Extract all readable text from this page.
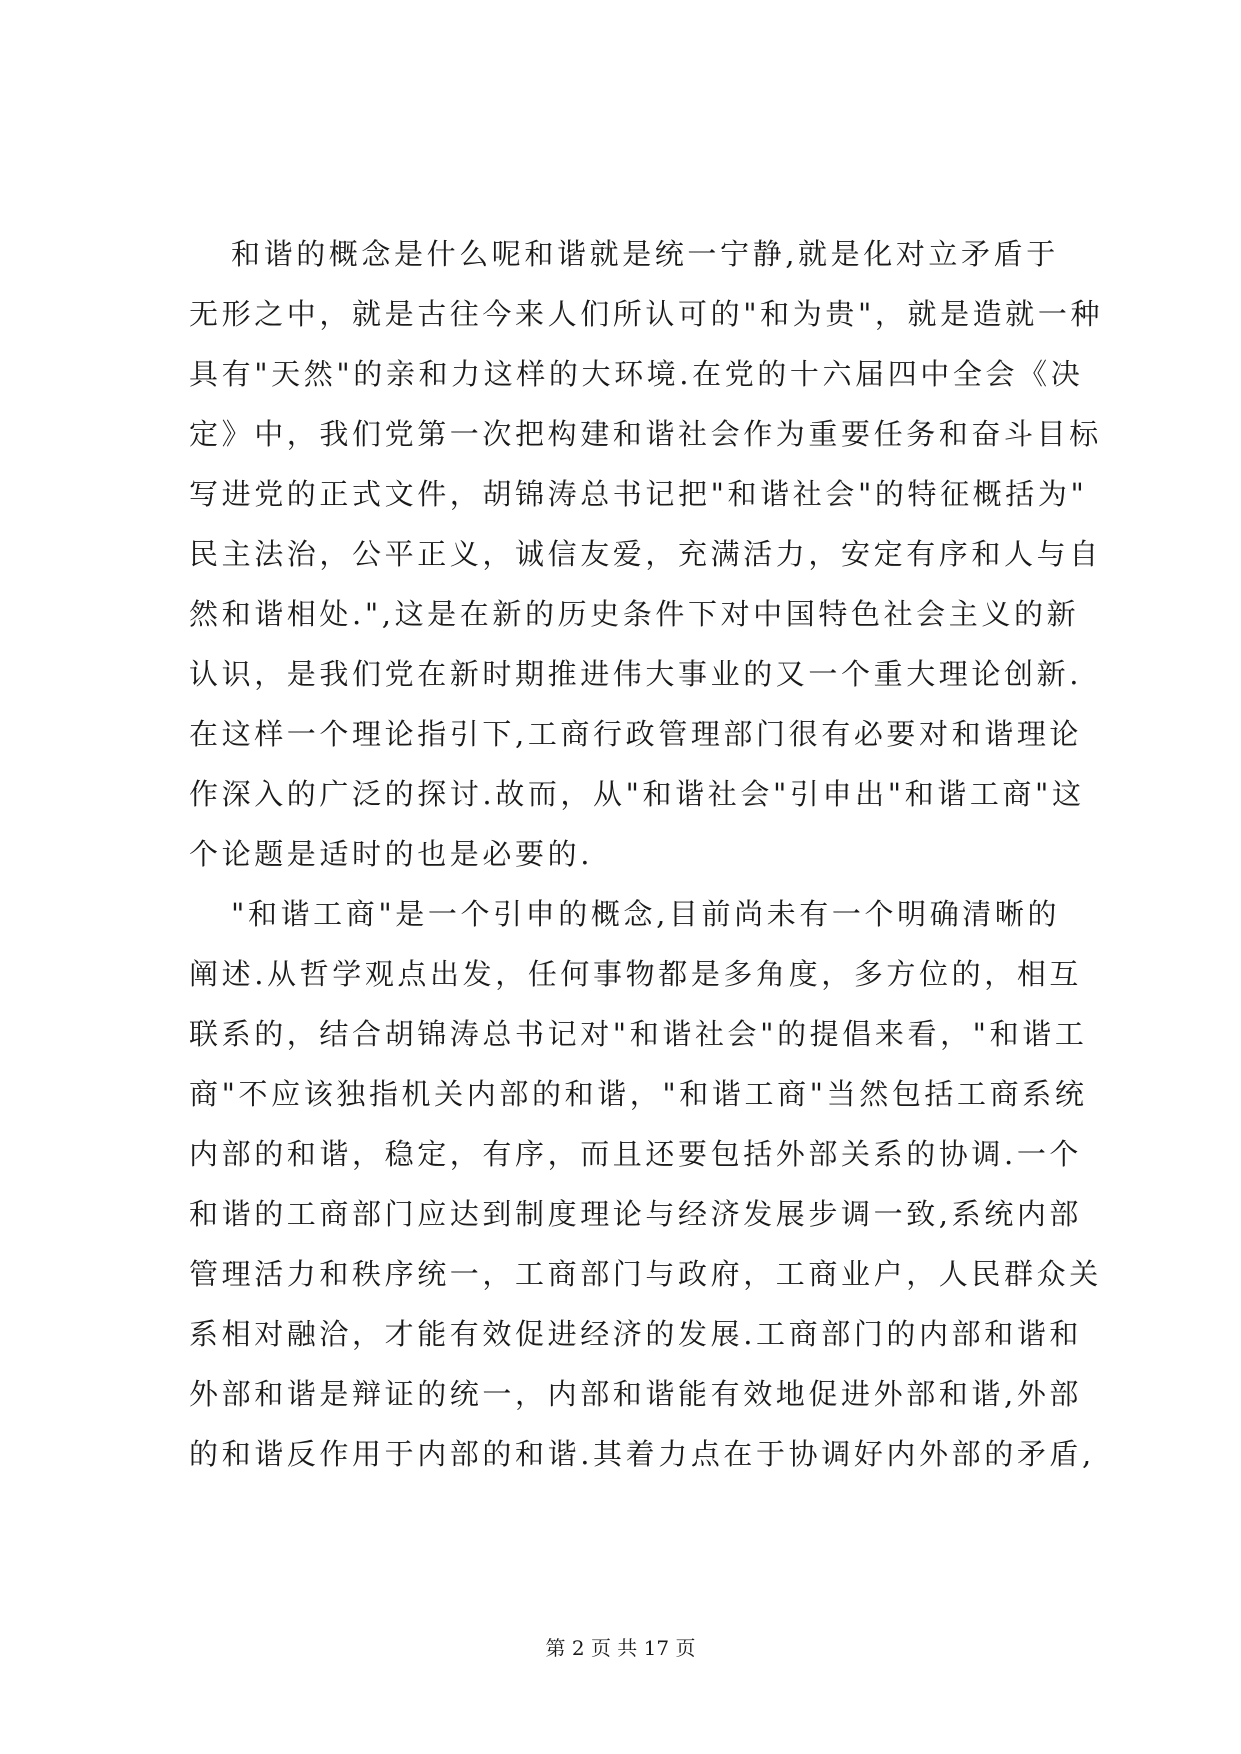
和谐的概念是什么呢和谐就是统一宁静,就是化对立矛盾于
无形之中，就是古往今来人们所认可的"和为贵"，就是造就一种
具有"天然"的亲和力这样的大环境.在党的十六届四中全会《决
定》中，我们党第一次把构建和谐社会作为重要任务和奋斗目标
写进党的正式文件，胡锦涛总书记把"和谐社会"的特征概括为"
民主法治，公平正义，诚信友爱，充满活力，安定有序和人与自
然和谐相处.",这是在新的历史条件下对中国特色社会主义的新
认识，是我们党在新时期推进伟大事业的又一个重大理论创新.
在这样一个理论指引下,工商行政管理部门很有必要对和谐理论
作深入的广泛的探讨.故而，从"和谐社会"引申出"和谐工商"这
个论题是适时的也是必要的.
"和谐工商"是一个引申的概念,目前尚未有一个明确清晰的
阐述.从哲学观点出发，任何事物都是多角度，多方位的，相互
联系的，结合胡锦涛总书记对"和谐社会"的提倡来看，"和谐工
商"不应该独指机关内部的和谐，"和谐工商"当然包括工商系统
内部的和谐，稳定，有序，而且还要包括外部关系的协调.一个
和谐的工商部门应达到制度理论与经济发展步调一致,系统内部
管理活力和秩序统一，工商部门与政府，工商业户，人民群众关
系相对融洽，才能有效促进经济的发展.工商部门的内部和谐和
外部和谐是辩证的统一，内部和谐能有效地促进外部和谐,外部
的和谐反作用于内部的和谐.其着力点在于协调好内外部的矛盾,
第 2 页 共 17 页
